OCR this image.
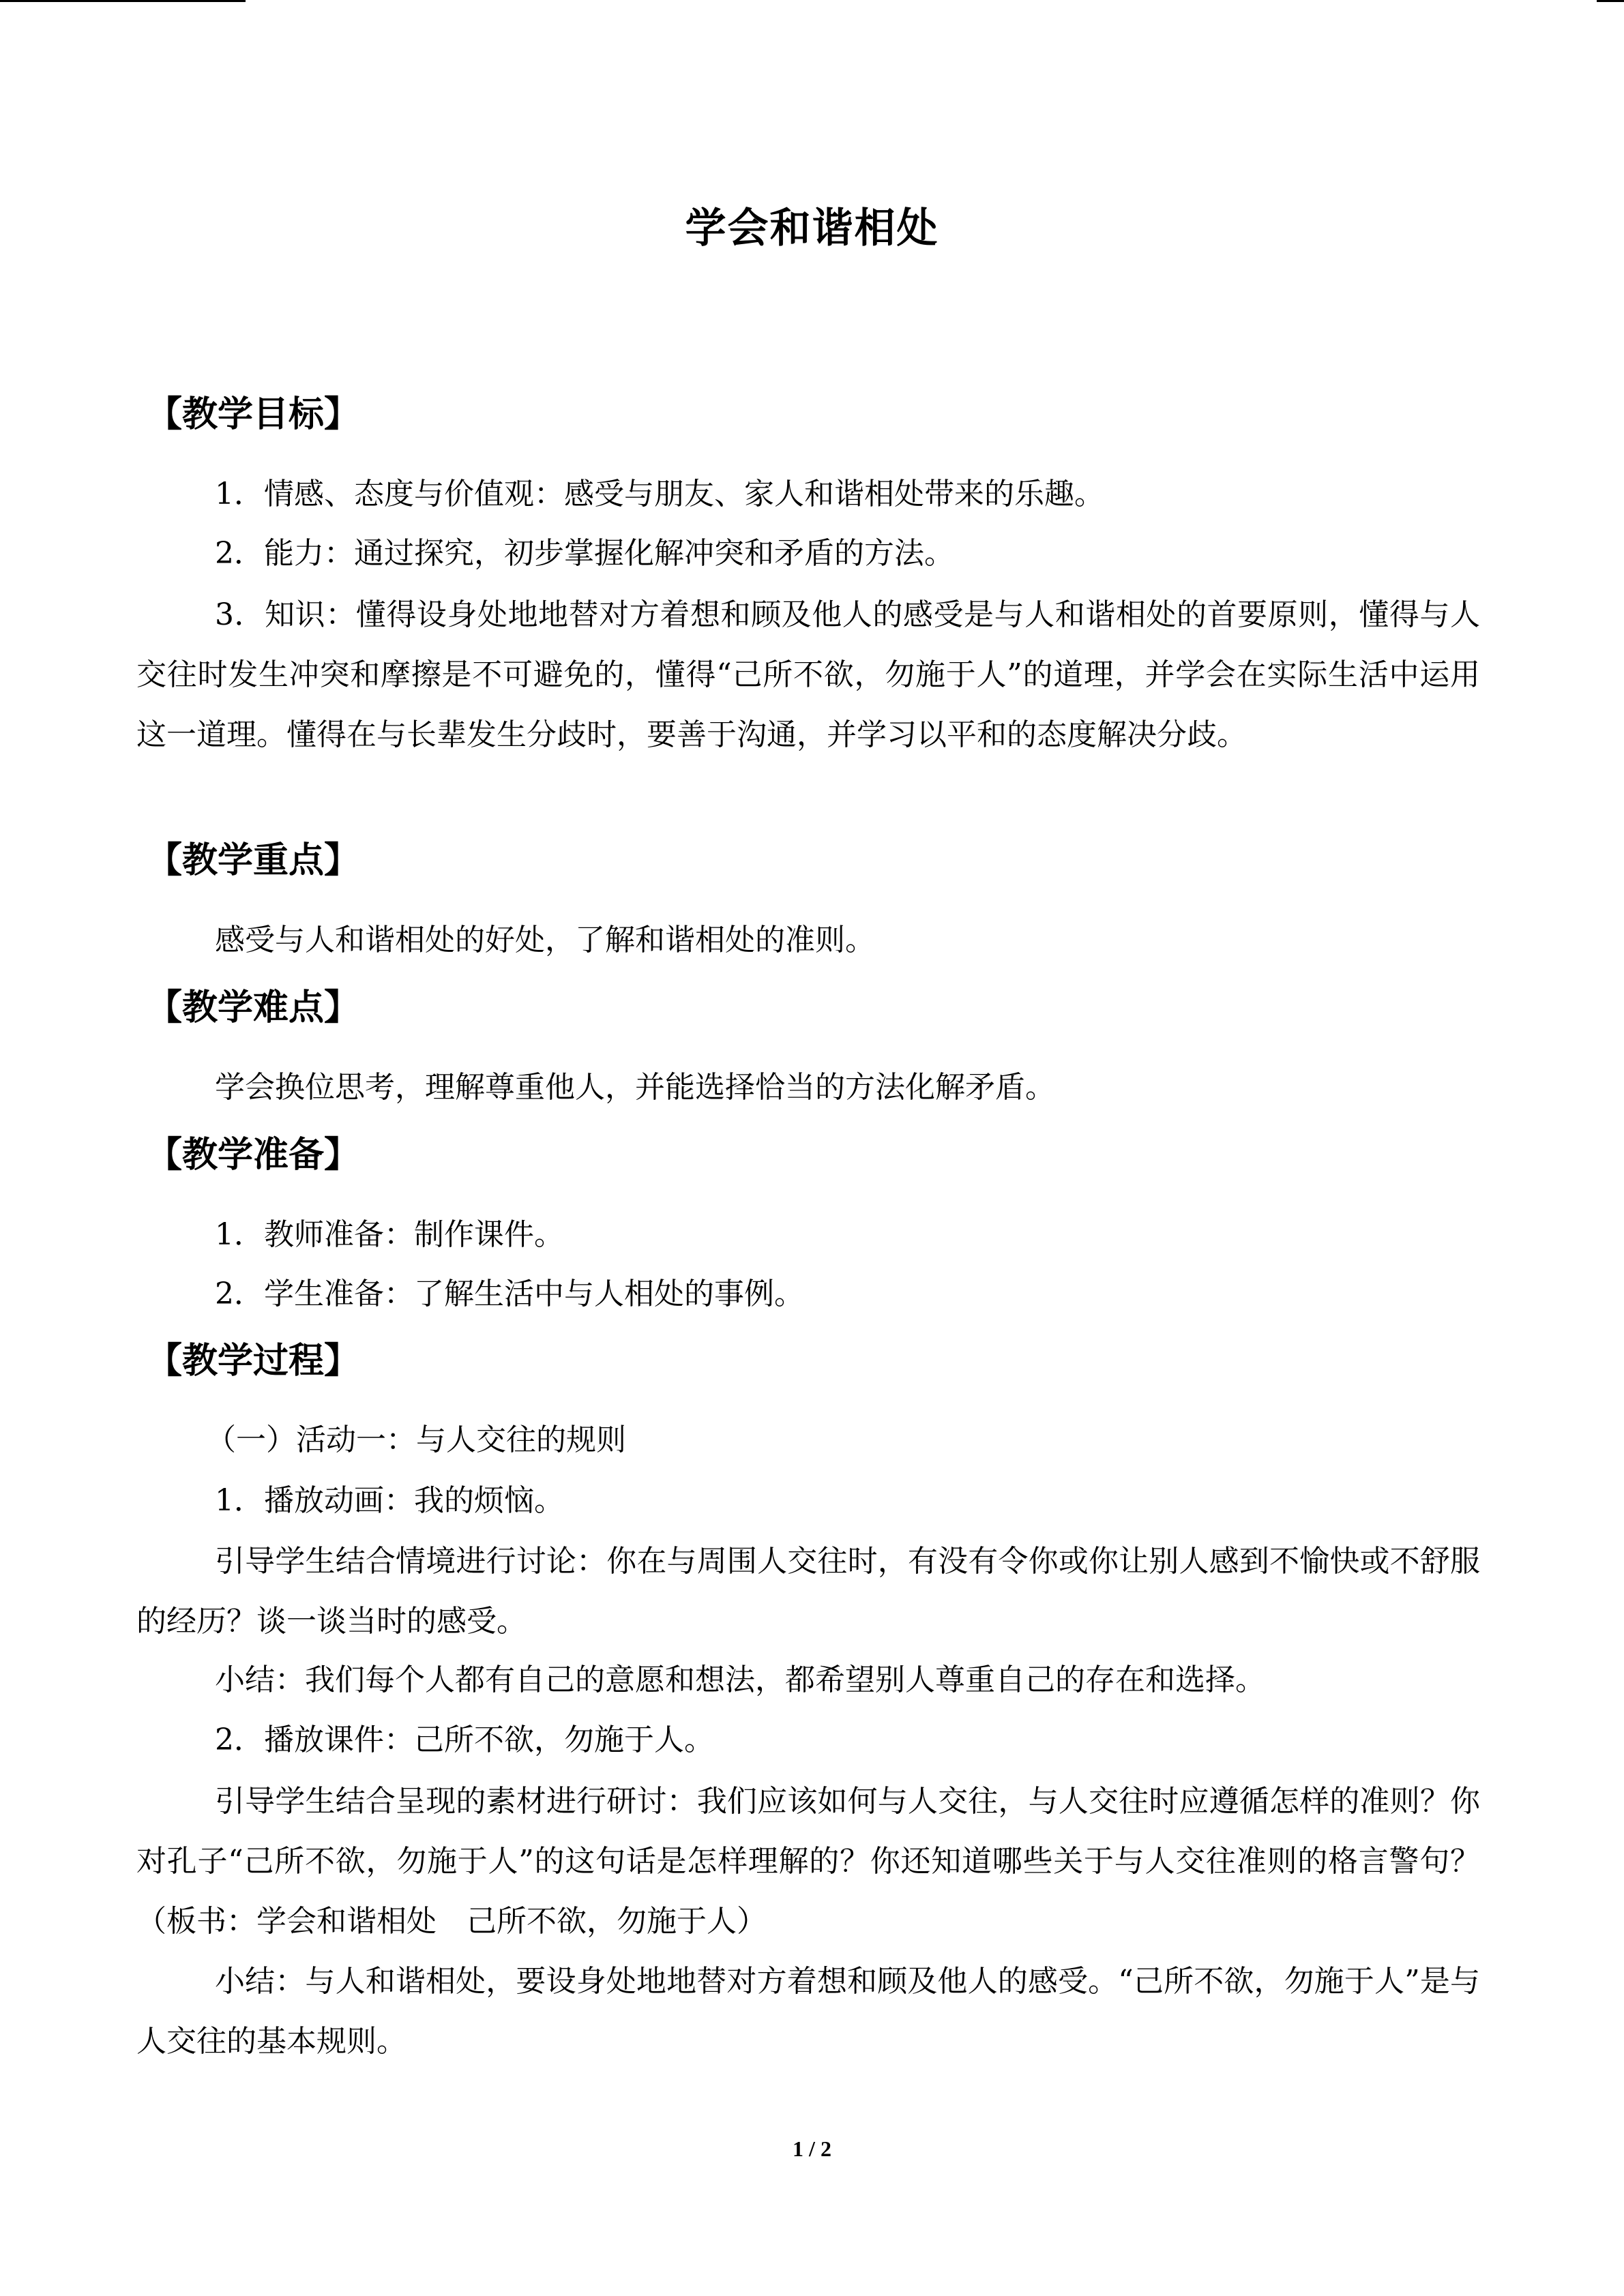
学会和谐相处
【教学目标】
1．情感、态度与价值观：感受与朋友、家人和谐相处带来的乐趣。
2．能力：通过探究，初步掌握化解冲突和矛盾的方法。

3．知识：懂得设身处地地替对方着想和顾及他人的感受是与人和谐相处的首要原则，懂得与人交往时发生冲突和摩擦是不可避免的，懂得“己所不欲，勿施于人”的道理，并学会在实际生活中运用这一道理。懂得在与长辈发生分歧时，要善于沟通，并学习以平和的态度解决分歧。

【教学重点】
感受与人和谐相处的好处，了解和谐相处的准则。
【教学难点】
学会换位思考，理解尊重他人，并能选择恰当的方法化解矛盾。
【教学准备】
1．教师准备：制作课件。
2．学生准备：了解生活中与人相处的事例。
【教学过程】
（一）活动一：与人交往的规则
1．播放动画：我的烦恼。

引导学生结合情境进行讨论：你在与周围人交往时，有没有令你或你让别人感到不愉快或不舒服的经历？谈一谈当时的感受。

小结：我们每个人都有自己的意愿和想法，都希望别人尊重自己的存在和选择。
2．播放课件：己所不欲，勿施于人。

引导学生结合呈现的素材进行研讨：我们应该如何与人交往，与人交往时应遵循怎样的准则？你对孔子“己所不欲，勿施于人”的这句话是怎样理解的？你还知道哪些关于与人交往准则的格言警句？（板书：学会和谐相处　己所不欲，勿施于人）

小结：与人和谐相处，要设身处地地替对方着想和顾及他人的感受。“己所不欲，勿施于人”是与人交往的基本规则。

1 / 2
